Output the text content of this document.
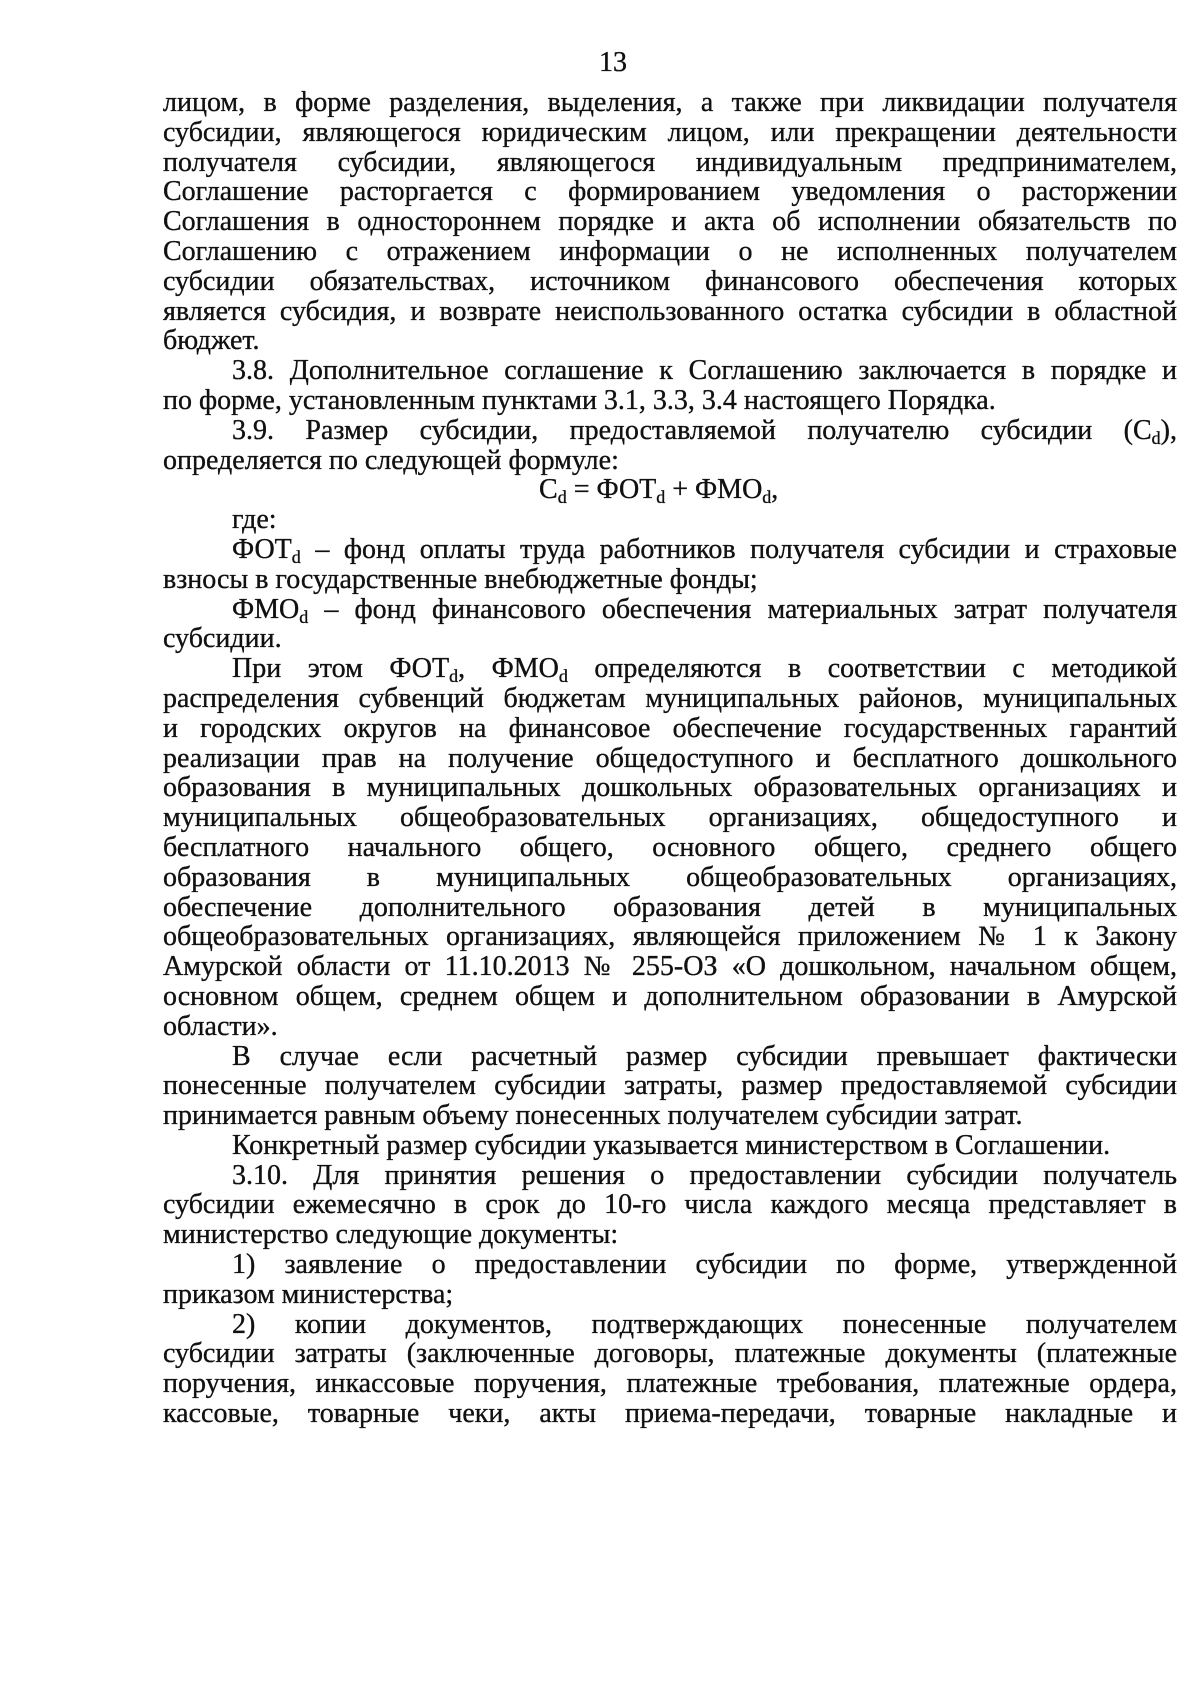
13
лицом, в форме разделения, выделения, а также при ликвидации получателя
субсидии, являющегося юридическим лицом, или прекращении деятельности
получателя субсидии, являющегося индивидуальным предпринимателем,
Соглашение расторгается с формированием уведомления о расторжении
Соглашения в одностороннем порядке и акта об исполнении обязательств по
Соглашению с отражением информации о не исполненных получателем
субсидии обязательствах, источником финансового обеспечения которых
является субсидия, и возврате неиспользованного остатка субсидии в областной
бюджет.
3.8. Дополнительное соглашение к Соглашению заключается в порядке и
по форме, установленным пунктами 3.1, 3.3, 3.4 настоящего Порядка.
3.9. Размер субсидии, предоставляемой получателю субсидии $(С_d)$,
определяется по следующей формуле:
$С_d = ФОТ_d + ФМО_d$,
где:
$ФОТ_d$ – фонд оплаты труда работников получателя субсидии и страховые
взносы в государственные внебюджетные фонды;
$ФМО_d$ – фонд финансового обеспечения материальных затрат получателя
субсидии.
При этом $ФОТ_d$, $ФМО_d$ определяются в соответствии с методикой
распределения субвенций бюджетам муниципальных районов, муниципальных
и городских округов на финансовое обеспечение государственных гарантий
реализации прав на получение общедоступного и бесплатного дошкольного
образования в муниципальных дошкольных образовательных организациях и
муниципальных общеобразовательных организациях, общедоступного и
бесплатного начального общего, основного общего, среднего общего
образования в муниципальных общеобразовательных организациях,
обеспечение дополнительного образования детей в муниципальных
общеобразовательных организациях, являющейся приложением № 1 к Закону
Амурской области от 11.10.2013 № 255-ОЗ «О дошкольном, начальном общем,
основном общем, среднем общем и дополнительном образовании в Амурской
области».
В случае если расчетный размер субсидии превышает фактически
понесенные получателем субсидии затраты, размер предоставляемой субсидии
принимается равным объему понесенных получателем субсидии затрат.
Конкретный размер субсидии указывается министерством в Соглашении.
3.10. Для принятия решения о предоставлении субсидии получатель
субсидии ежемесячно в срок до 10-го числа каждого месяца представляет в
министерство следующие документы:
1) заявление о предоставлении субсидии по форме, утвержденной
приказом министерства;
2) копии документов, подтверждающих понесенные получателем
субсидии затраты (заключенные договоры, платежные документы (платежные
поручения, инкассовые поручения, платежные требования, платежные ордера,
кассовые, товарные чеки, акты приема-передачи, товарные накладные и
